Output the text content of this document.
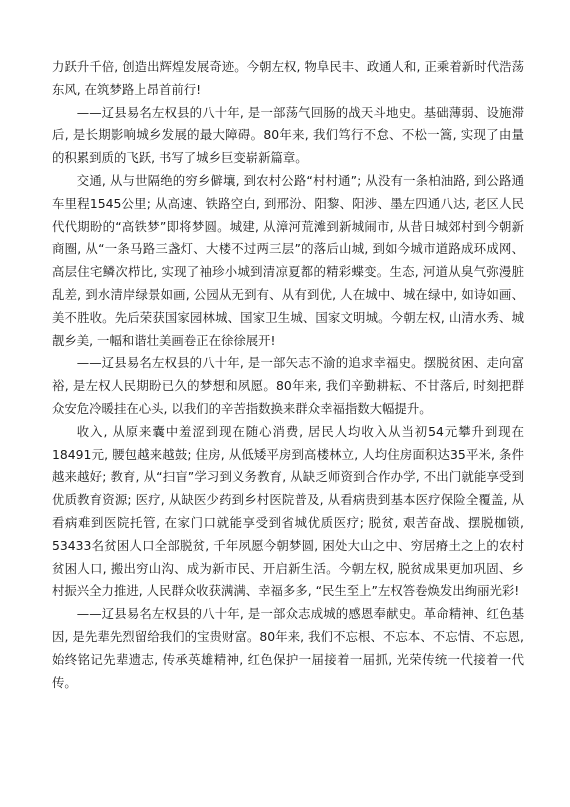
力跃升千倍, 创造出辉煌发展奇迹。今朝左权, 物阜民丰、政通人和, 正乘着新时代浩荡东风, 在筑梦路上昂首前行!

——辽县易名左权县的八十年, 是一部荡气回肠的战天斗地史。基础薄弱、设施滞后, 是长期影响城乡发展的最大障碍。80年来, 我们笃行不怠、不松一篙, 实现了由量的积累到质的飞跃, 书写了城乡巨变崭新篇章。

交通, 从与世隔绝的穷乡僻壤, 到农村公路“村村通”; 从没有一条柏油路, 到公路通车里程1545公里; 从高速、铁路空白, 到邢汾、阳黎、阳涉、墨左四通八达, 老区人民代代期盼的“高铁梦”即将梦圆。城建, 从漳河荒滩到新城闹市, 从昔日城郊村到今朝新商圈, 从“一条马路三盏灯、大楼不过两三层”的落后山城, 到如今城市道路成环成网、高层住宅鳞次栉比, 实现了袖珍小城到清凉夏都的精彩蝶变。生态, 河道从臭气弥漫脏乱差, 到水清岸绿景如画, 公园从无到有、从有到优, 人在城中、城在绿中, 如诗如画、美不胜收。先后荣获国家园林城、国家卫生城、国家文明城。今朝左权, 山清水秀、城靓乡美, 一幅和谐壮美画卷正在徐徐展开!

——辽县易名左权县的八十年, 是一部矢志不渝的追求幸福史。摆脱贫困、走向富裕, 是左权人民期盼已久的梦想和夙愿。80年来, 我们辛勤耕耘、不甘落后, 时刻把群众安危冷暖挂在心头, 以我们的辛苦指数换来群众幸福指数大幅提升。

收入, 从原来囊中羞涩到现在随心消费, 居民人均收入从当初54元攀升到现在18491元, 腰包越来越鼓; 住房, 从低矮平房到高楼林立, 人均住房面积达35平米, 条件越来越好; 教育, 从“扫盲”学习到义务教育, 从缺乏师资到合作办学, 不出门就能享受到优质教育资源; 医疗, 从缺医少药到乡村医院普及, 从看病贵到基本医疗保险全覆盖, 从看病难到医院托管, 在家门口就能享受到省城优质医疗; 脱贫, 艰苦奋战、摆脱枷锁, 53433名贫困人口全部脱贫, 千年夙愿今朝梦圆, 困处大山之中、穷居瘠土之上的农村贫困人口, 搬出穷山沟、成为新市民、开启新生活。今朝左权, 脱贫成果更加巩固、乡村振兴全力推进, 人民群众收获满满、幸福多多, “民生至上”左权答卷焕发出绚丽光彩!

——辽县易名左权县的八十年, 是一部众志成城的感恩奉献史。革命精神、红色基因, 是先辈先烈留给我们的宝贵财富。80年来, 我们不忘根、不忘本、不忘情、不忘恩, 始终铭记先辈遗志, 传承英雄精神, 红色保护一届接着一届抓, 光荣传统一代接着一代传。
